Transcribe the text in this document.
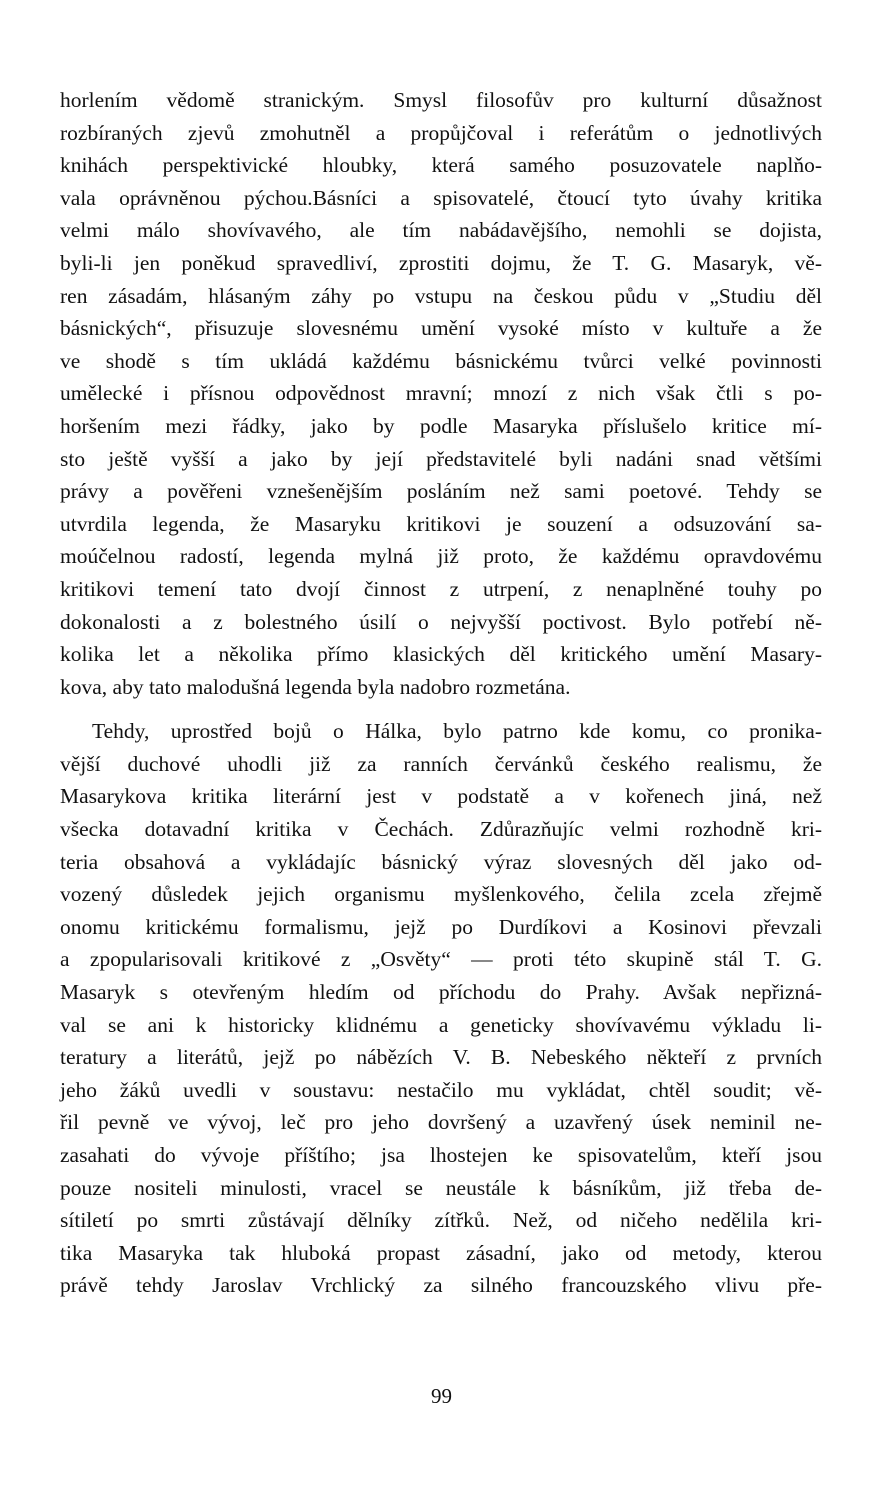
horlením vědomě stranickým. Smysl filosofův pro kulturní důsažnost
rozbíraných zjevů zmohutněl a propůjčoval i referátům o jednotlivých
knihách perspektivické hloubky, která samého posuzovatele naplňo-
vala oprávněnou pýchou.Básníci a spisovatelé, čtoucí tyto úvahy kritika
velmi málo shovívavého, ale tím nabádavějšího, nemohli se dojista,
byli-li jen poněkud spravedliví, zprostiti dojmu, že T. G. Masaryk, vě-
ren zásadám, hlásaným záhy po vstupu na českou půdu v „Studiu děl
básnických“, přisuzuje slovesnému umění vysoké místo v kultuře a že
ve shodě s tím ukládá každému básnickému tvůrci velké povinnosti
umělecké i přísnou odpovědnost mravní; mnozí z nich však čtli s po-
horšením mezi řádky, jako by podle Masaryka příslušelo kritice mí-
sto ještě vyšší a jako by její představitelé byli nadáni snad většími
právy a pověřeni vznešenějším posláním než sami poetové. Tehdy se
utvrdila legenda, že Masaryku kritikovi je souzení a odsuzování sa-
moúčelnou radostí, legenda mylná již proto, že každému opravdovému
kritikovi temení tato dvojí činnost z utrpení, z nenaplněné touhy po
dokonalosti a z bolestného úsilí o nejvyšší poctivost. Bylo potřebí ně-
kolika let a několika přímo klasických děl kritického umění Masary-
kova, aby tato malodušná legenda byla nadobro rozmetána.

Tehdy, uprostřed bojů o Hálka, bylo patrno kde komu, co pronika-
vější duchové uhodli již za ranních červánků českého realismu, že
Masarykova kritika literární jest v podstatě a v kořenech jiná, než
všecka dotavadní kritika v Čechách. Zdůrazňujíc velmi rozhodně kri-
teria obsahová a vykládajíc básnický výraz slovesných děl jako od-
vozený důsledek jejich organismu myšlenkového, čelila zcela zřejmě
onomu kritickému formalismu, jejž po Durdíkovi a Kosinovi převzali
a zpopularisovali kritikové z „Osvěty“ — proti této skupině stál T. G.
Masaryk s otevřeným hledím od příchodu do Prahy. Avšak nepřizná-
val se ani k historicky klidnému a geneticky shovívavému výkladu li-
teratury a literátů, jejž po nábězích V. B. Nebeského někteří z prvních
jeho žáků uvedli v soustavu: nestačilo mu vykládat, chtěl soudit; vě-
řil pevně ve vývoj, leč pro jeho dovršený a uzavřený úsek neminil ne-
zasahati do vývoje příštího; jsa lhostejen ke spisovatelům, kteří jsou
pouze nositeli minulosti, vracel se neustále k básníkům, již třeba de-
sítiletí po smrti zůstávají dělníky zítřků. Než, od ničeho nedělila kri-
tika Masaryka tak hluboká propast zásadní, jako od metody, kterou
právě tehdy Jaroslav Vrchlický za silného francouzského vlivu pře-

99
